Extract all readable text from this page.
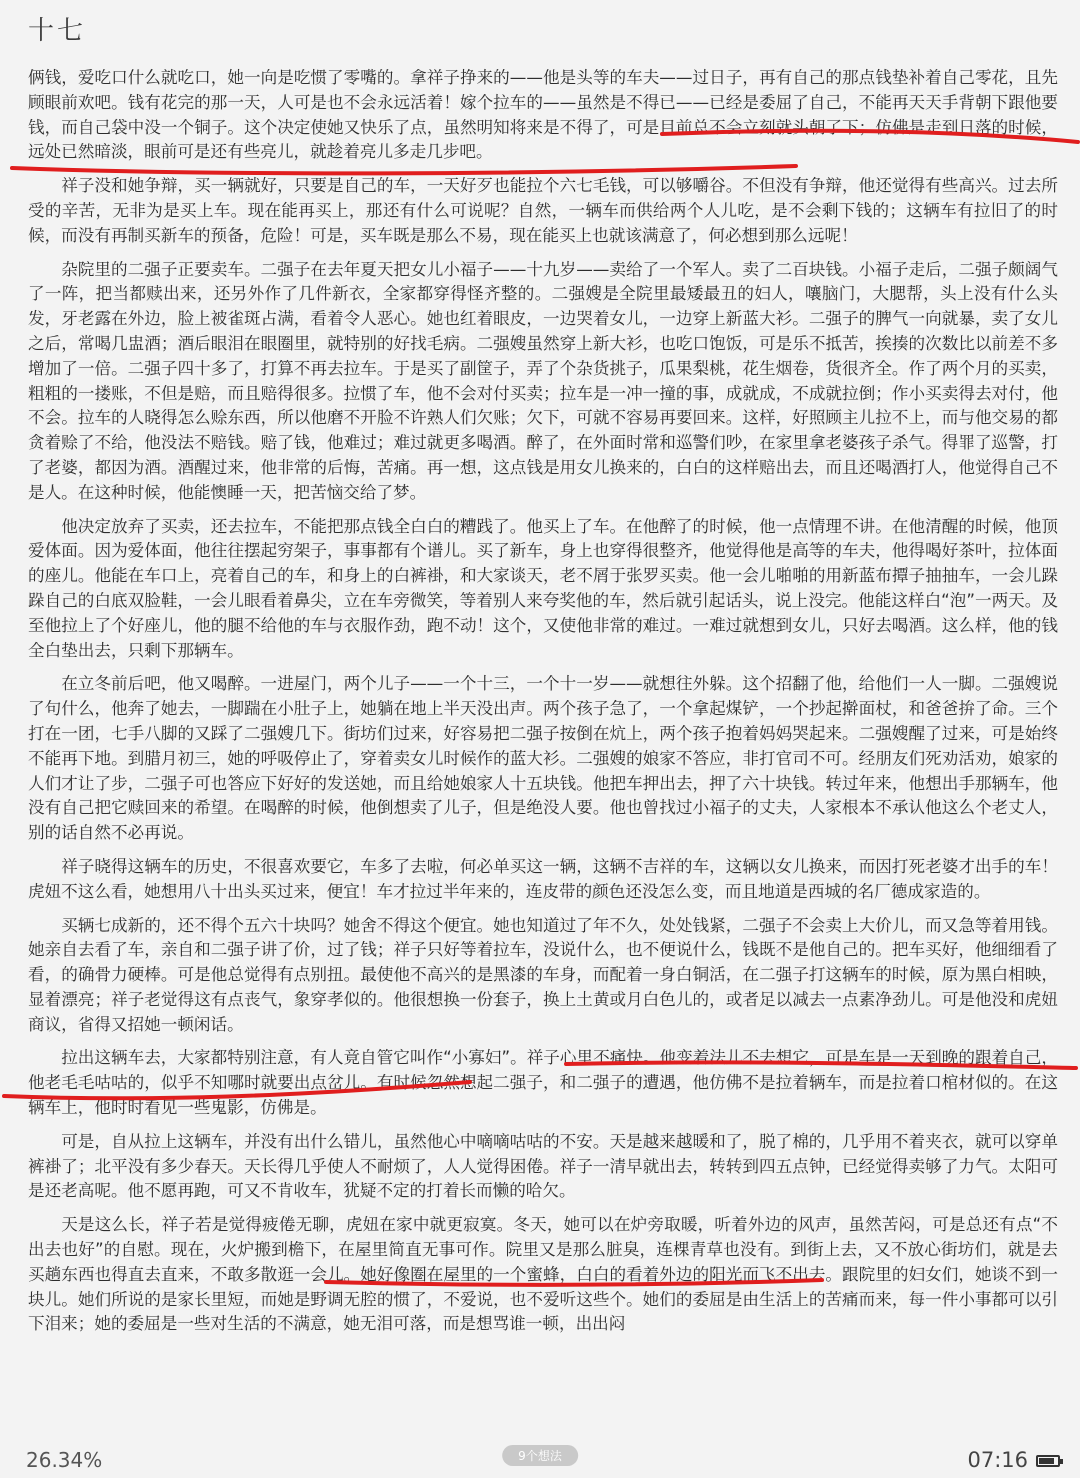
十七

俩钱，爱吃口什么就吃口，她一向是吃惯了零嘴的。拿祥子挣来的——他是头等的车夫——过日子，再有自己的那点钱垫补着自己零花，且先顾眼前欢吧。钱有花完的那一天，人可是也不会永远活着！嫁个拉车的——虽然是不得已——已经是委屈了自己，不能再天天手背朝下跟他要钱，而自己袋中没一个铜子。这个决定使她又快乐了点，虽然明知将来是不得了，可是目前总不会立刻就头朝了下；仿佛是走到日落的时候，远处已然暗淡，眼前可是还有些亮儿，就趁着亮儿多走几步吧。

祥子没和她争辩，买一辆就好，只要是自己的车，一天好歹也能拉个六七毛钱，可以够嚼谷。不但没有争辩，他还觉得有些高兴。过去所受的辛苦，无非为是买上车。现在能再买上，那还有什么可说呢？自然，一辆车而供给两个人儿吃，是不会剩下钱的；这辆车有拉旧了的时候，而没有再制买新车的预备，危险！可是，买车既是那么不易，现在能买上也就该满意了，何必想到那么远呢！

杂院里的二强子正要卖车。二强子在去年夏天把女儿小福子——十九岁——卖给了一个军人。卖了二百块钱。小福子走后，二强子颇阔气了一阵，把当都赎出来，还另外作了几件新衣，全家都穿得怪齐整的。二强嫂是全院里最矮最丑的妇人，嚷脑门，大腮帮，头上没有什么头发，牙老露在外边，脸上被雀斑占满，看着令人恶心。她也红着眼皮，一边哭着女儿，一边穿上新蓝大衫。二强子的脾气一向就暴，卖了女儿之后，常喝几盅酒；酒后眼泪在眼圈里，就特别的好找毛病。二强嫂虽然穿上新大衫，也吃口饱饭，可是乐不抵苦，挨揍的次数比以前差不多增加了一倍。二强子四十多了，打算不再去拉车。于是买了副筐子，弄了个杂货挑子，瓜果梨桃，花生烟卷，货很齐全。作了两个月的买卖，粗粗的一搂账，不但是赔，而且赔得很多。拉惯了车，他不会对付买卖；拉车是一冲一撞的事，成就成，不成就拉倒；作小买卖得去对付，他不会。拉车的人晓得怎么赊东西，所以他磨不开脸不许熟人们欠账；欠下，可就不容易再要回来。这样，好照顾主儿拉不上，而与他交易的都贪着赊了不给，他没法不赔钱。赔了钱，他难过；难过就更多喝酒。醉了，在外面时常和巡警们吵，在家里拿老婆孩子杀气。得罪了巡警，打了老婆，都因为酒。酒醒过来，他非常的后悔，苦痛。再一想，这点钱是用女儿换来的，白白的这样赔出去，而且还喝酒打人，他觉得自己不是人。在这种时候，他能懊睡一天，把苦恼交给了梦。

他决定放弃了买卖，还去拉车，不能把那点钱全白白的糟践了。他买上了车。在他醉了的时候，他一点情理不讲。在他清醒的时候，他顶爱体面。因为爱体面，他往往摆起穷架子，事事都有个谱儿。买了新车，身上也穿得很整齐，他觉得他是高等的车夫，他得喝好茶叶，拉体面的座儿。他能在车口上，亮着自己的车，和身上的白裤褂，和大家谈天，老不屑于张罗买卖。他一会儿啪啪的用新蓝布撢子抽抽车，一会儿跺跺自己的白底双脸鞋，一会儿眼看着鼻尖，立在车旁微笑，等着别人来夸奖他的车，然后就引起话头，说上没完。他能这样白“泡”一两天。及至他拉上了个好座儿，他的腿不给他的车与衣服作劲，跑不动！这个，又使他非常的难过。一难过就想到女儿，只好去喝酒。这么样，他的钱全白垫出去，只剩下那辆车。

在立冬前后吧，他又喝醉。一进屋门，两个儿子——一个十三，一个十一岁——就想往外躲。这个招翻了他，给他们一人一脚。二强嫂说了句什么，他奔了她去，一脚踹在小肚子上，她躺在地上半天没出声。两个孩子急了，一个拿起煤铲，一个抄起擀面杖，和爸爸拚了命。三个打在一团，七手八脚的又踩了二强嫂几下。街坊们过来，好容易把二强子按倒在炕上，两个孩子抱着妈妈哭起来。二强嫂醒了过来，可是始终不能再下地。到腊月初三，她的呼吸停止了，穿着卖女儿时候作的蓝大衫。二强嫂的娘家不答应，非打官司不可。经朋友们死劝活劝，娘家的人们才让了步，二强子可也答应下好好的发送她，而且给她娘家人十五块钱。他把车押出去，押了六十块钱。转过年来，他想出手那辆车，他没有自己把它赎回来的希望。在喝醉的时候，他倒想卖了儿子，但是绝没人要。他也曾找过小福子的丈夫，人家根本不承认他这么个老丈人，别的话自然不必再说。

祥子晓得这辆车的历史，不很喜欢要它，车多了去啦，何必单买这一辆，这辆不吉祥的车，这辆以女儿换来，而因打死老婆才出手的车！虎妞不这么看，她想用八十出头买过来，便宜！车才拉过半年来的，连皮带的颜色还没怎么变，而且地道是西城的名厂德成家造的。

买辆七成新的，还不得个五六十块吗？她舍不得这个便宜。她也知道过了年不久，处处钱紧，二强子不会卖上大价儿，而又急等着用钱。她亲自去看了车，亲自和二强子讲了价，过了钱；祥子只好等着拉车，没说什么，也不便说什么，钱既不是他自己的。把车买好，他细细看了看，的确骨力硬棒。可是他总觉得有点别扭。最使他不高兴的是黑漆的车身，而配着一身白铜活，在二强子打这辆车的时候，原为黑白相映，显着漂亮；祥子老觉得这有点丧气，象穿孝似的。他很想换一份套子，换上土黄或月白色儿的，或者足以减去一点素净劲儿。可是他没和虎妞商议，省得又招她一顿闲话。

拉出这辆车去，大家都特别注意，有人竟自管它叫作“小寡妇”。祥子心里不痛快。他变着法儿不去想它，可是车是一天到晚的跟着自己，他老毛毛咕咕的，似乎不知哪时就要出点岔儿。有时候忽然想起二强子，和二强子的遭遇，他仿佛不是拉着辆车，而是拉着口棺材似的。在这辆车上，他时时看见一些鬼影，仿佛是。

可是，自从拉上这辆车，并没有出什么错儿，虽然他心中嘀嘀咕咕的不安。天是越来越暖和了，脱了棉的，几乎用不着夹衣，就可以穿单裤褂了；北平没有多少春天。天长得几乎使人不耐烦了，人人觉得困倦。祥子一清早就出去，转转到四五点钟，已经觉得卖够了力气。太阳可是还老高呢。他不愿再跑，可又不肯收车，犹疑不定的打着长而懒的哈欠。

天是这么长，祥子若是觉得疲倦无聊，虎妞在家中就更寂寞。冬天，她可以在炉旁取暖，听着外边的风声，虽然苦闷，可是总还有点“不出去也好”的自慰。现在，火炉搬到檐下，在屋里简直无事可作。院里又是那么脏臭，连棵青草也没有。到街上去，又不放心街坊们，就是去买趟东西也得直去直来，不敢多散逛一会儿。她好像圈在屋里的一个蜜蜂，白白的看着外边的阳光而飞不出去。跟院里的妇女们，她谈不到一块儿。她们所说的是家长里短，而她是野调无腔的惯了，不爱说，也不爱听这些个。她们的委屈是由生活上的苦痛而来，每一件小事都可以引下泪来；她的委屈是一些对生活的不满意，她无泪可落，而是想骂谁一顿，出出闷

26.34%	9个想法	07:16
